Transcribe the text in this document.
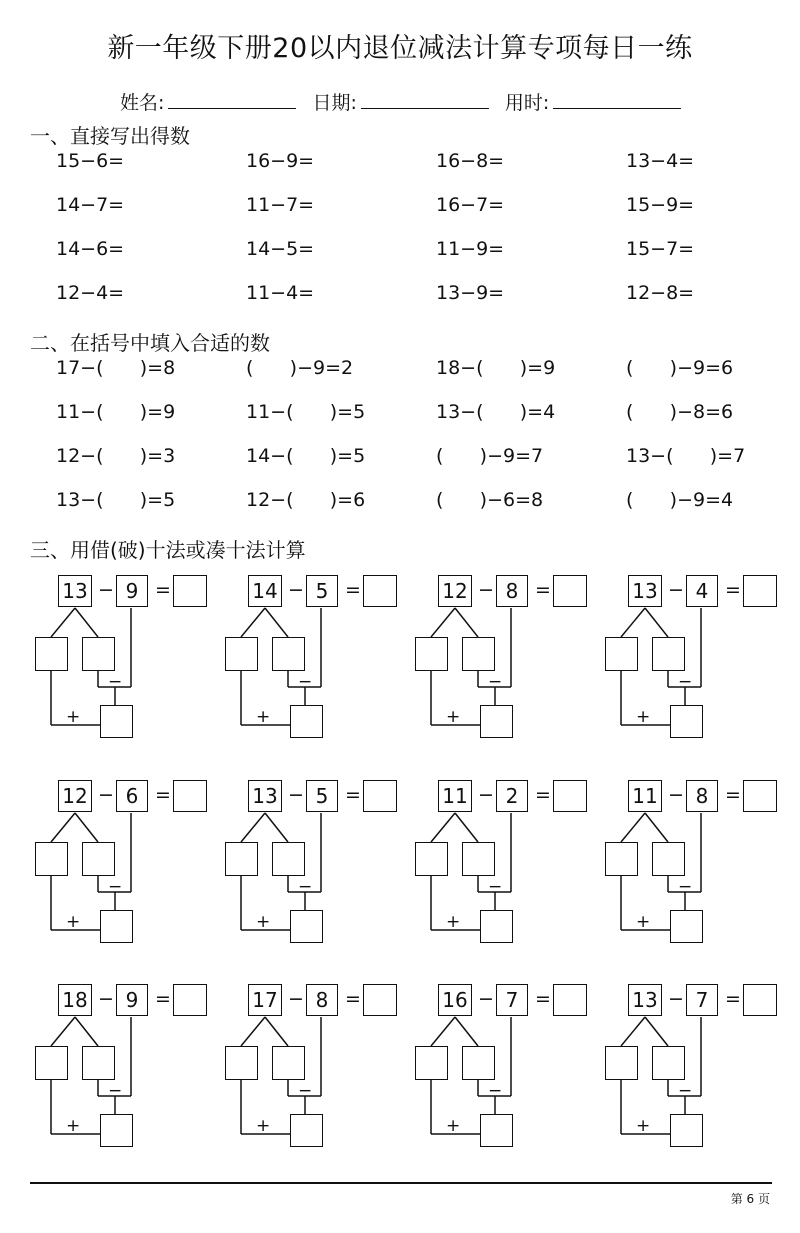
新一年级下册20以内退位减法计算专项每日一练
姓名:	日期:	用时:
一、直接写出得数
15−6=	16−9=	16−8=	13−4=
14−7=	11−7=	16−7=	15−9=
14−6=	14−5=	11−9=	15−7=
12−4=	11−4=	13−9=	12−8=
二、在括号中填入合适的数
17−(      )=8	(      )−9=2	18−(      )=9	(      )−9=6
11−(      )=9	11−(      )=5	13−(      )=4	(      )−8=6
12−(      )=3	14−(      )=5	(      )−9=7	13−(      )=7
13−(      )=5	12−(      )=6	(      )−6=8	(      )−9=4
三、用借(破)十法或凑十法计算
13 − 9 =
−
+
14 − 5 =
−
+
12 − 8 =
−
+
13 − 4 =
−
+
12 − 6 =
−
+
13 − 5 =
−
+
11 − 2 =
−
+
11 − 8 =
−
+
18 − 9 =
−
+
17 − 8 =
−
+
16 − 7 =
−
+
13 − 7 =
−
+
第 6 页
